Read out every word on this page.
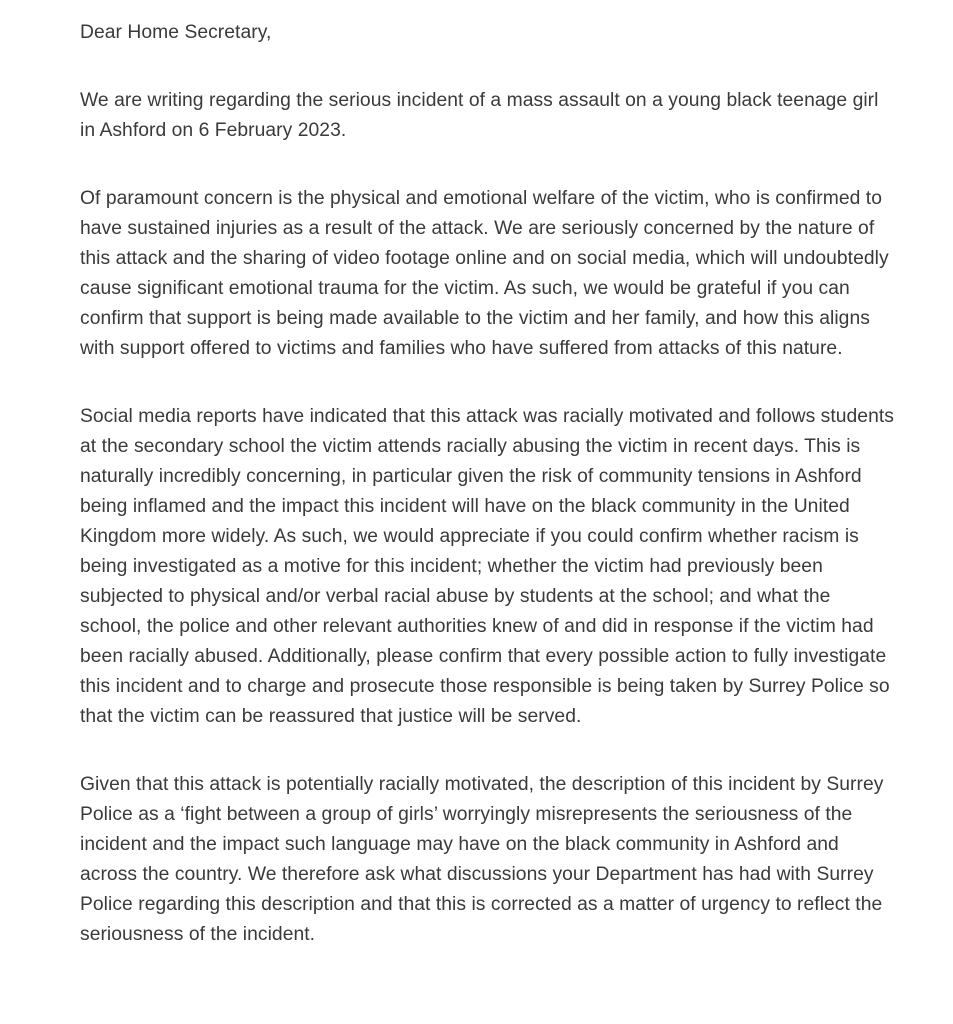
Dear Home Secretary,

We are writing regarding the serious incident of a mass assault on a young black teenage girl in Ashford on 6 February 2023.

Of paramount concern is the physical and emotional welfare of the victim, who is confirmed to have sustained injuries as a result of the attack. We are seriously concerned by the nature of this attack and the sharing of video footage online and on social media, which will undoubtedly cause significant emotional trauma for the victim. As such, we would be grateful if you can confirm that support is being made available to the victim and her family, and how this aligns with support offered to victims and families who have suffered from attacks of this nature.

Social media reports have indicated that this attack was racially motivated and follows students at the secondary school the victim attends racially abusing the victim in recent days. This is naturally incredibly concerning, in particular given the risk of community tensions in Ashford being inflamed and the impact this incident will have on the black community in the United Kingdom more widely. As such, we would appreciate if you could confirm whether racism is being investigated as a motive for this incident; whether the victim had previously been subjected to physical and/or verbal racial abuse by students at the school; and what the school, the police and other relevant authorities knew of and did in response if the victim had been racially abused. Additionally, please confirm that every possible action to fully investigate this incident and to charge and prosecute those responsible is being taken by Surrey Police so that the victim can be reassured that justice will be served.

Given that this attack is potentially racially motivated, the description of this incident by Surrey Police as a ‘fight between a group of girls’ worryingly misrepresents the seriousness of the incident and the impact such language may have on the black community in Ashford and across the country. We therefore ask what discussions your Department has had with Surrey Police regarding this description and that this is corrected as a matter of urgency to reflect the seriousness of the incident.
